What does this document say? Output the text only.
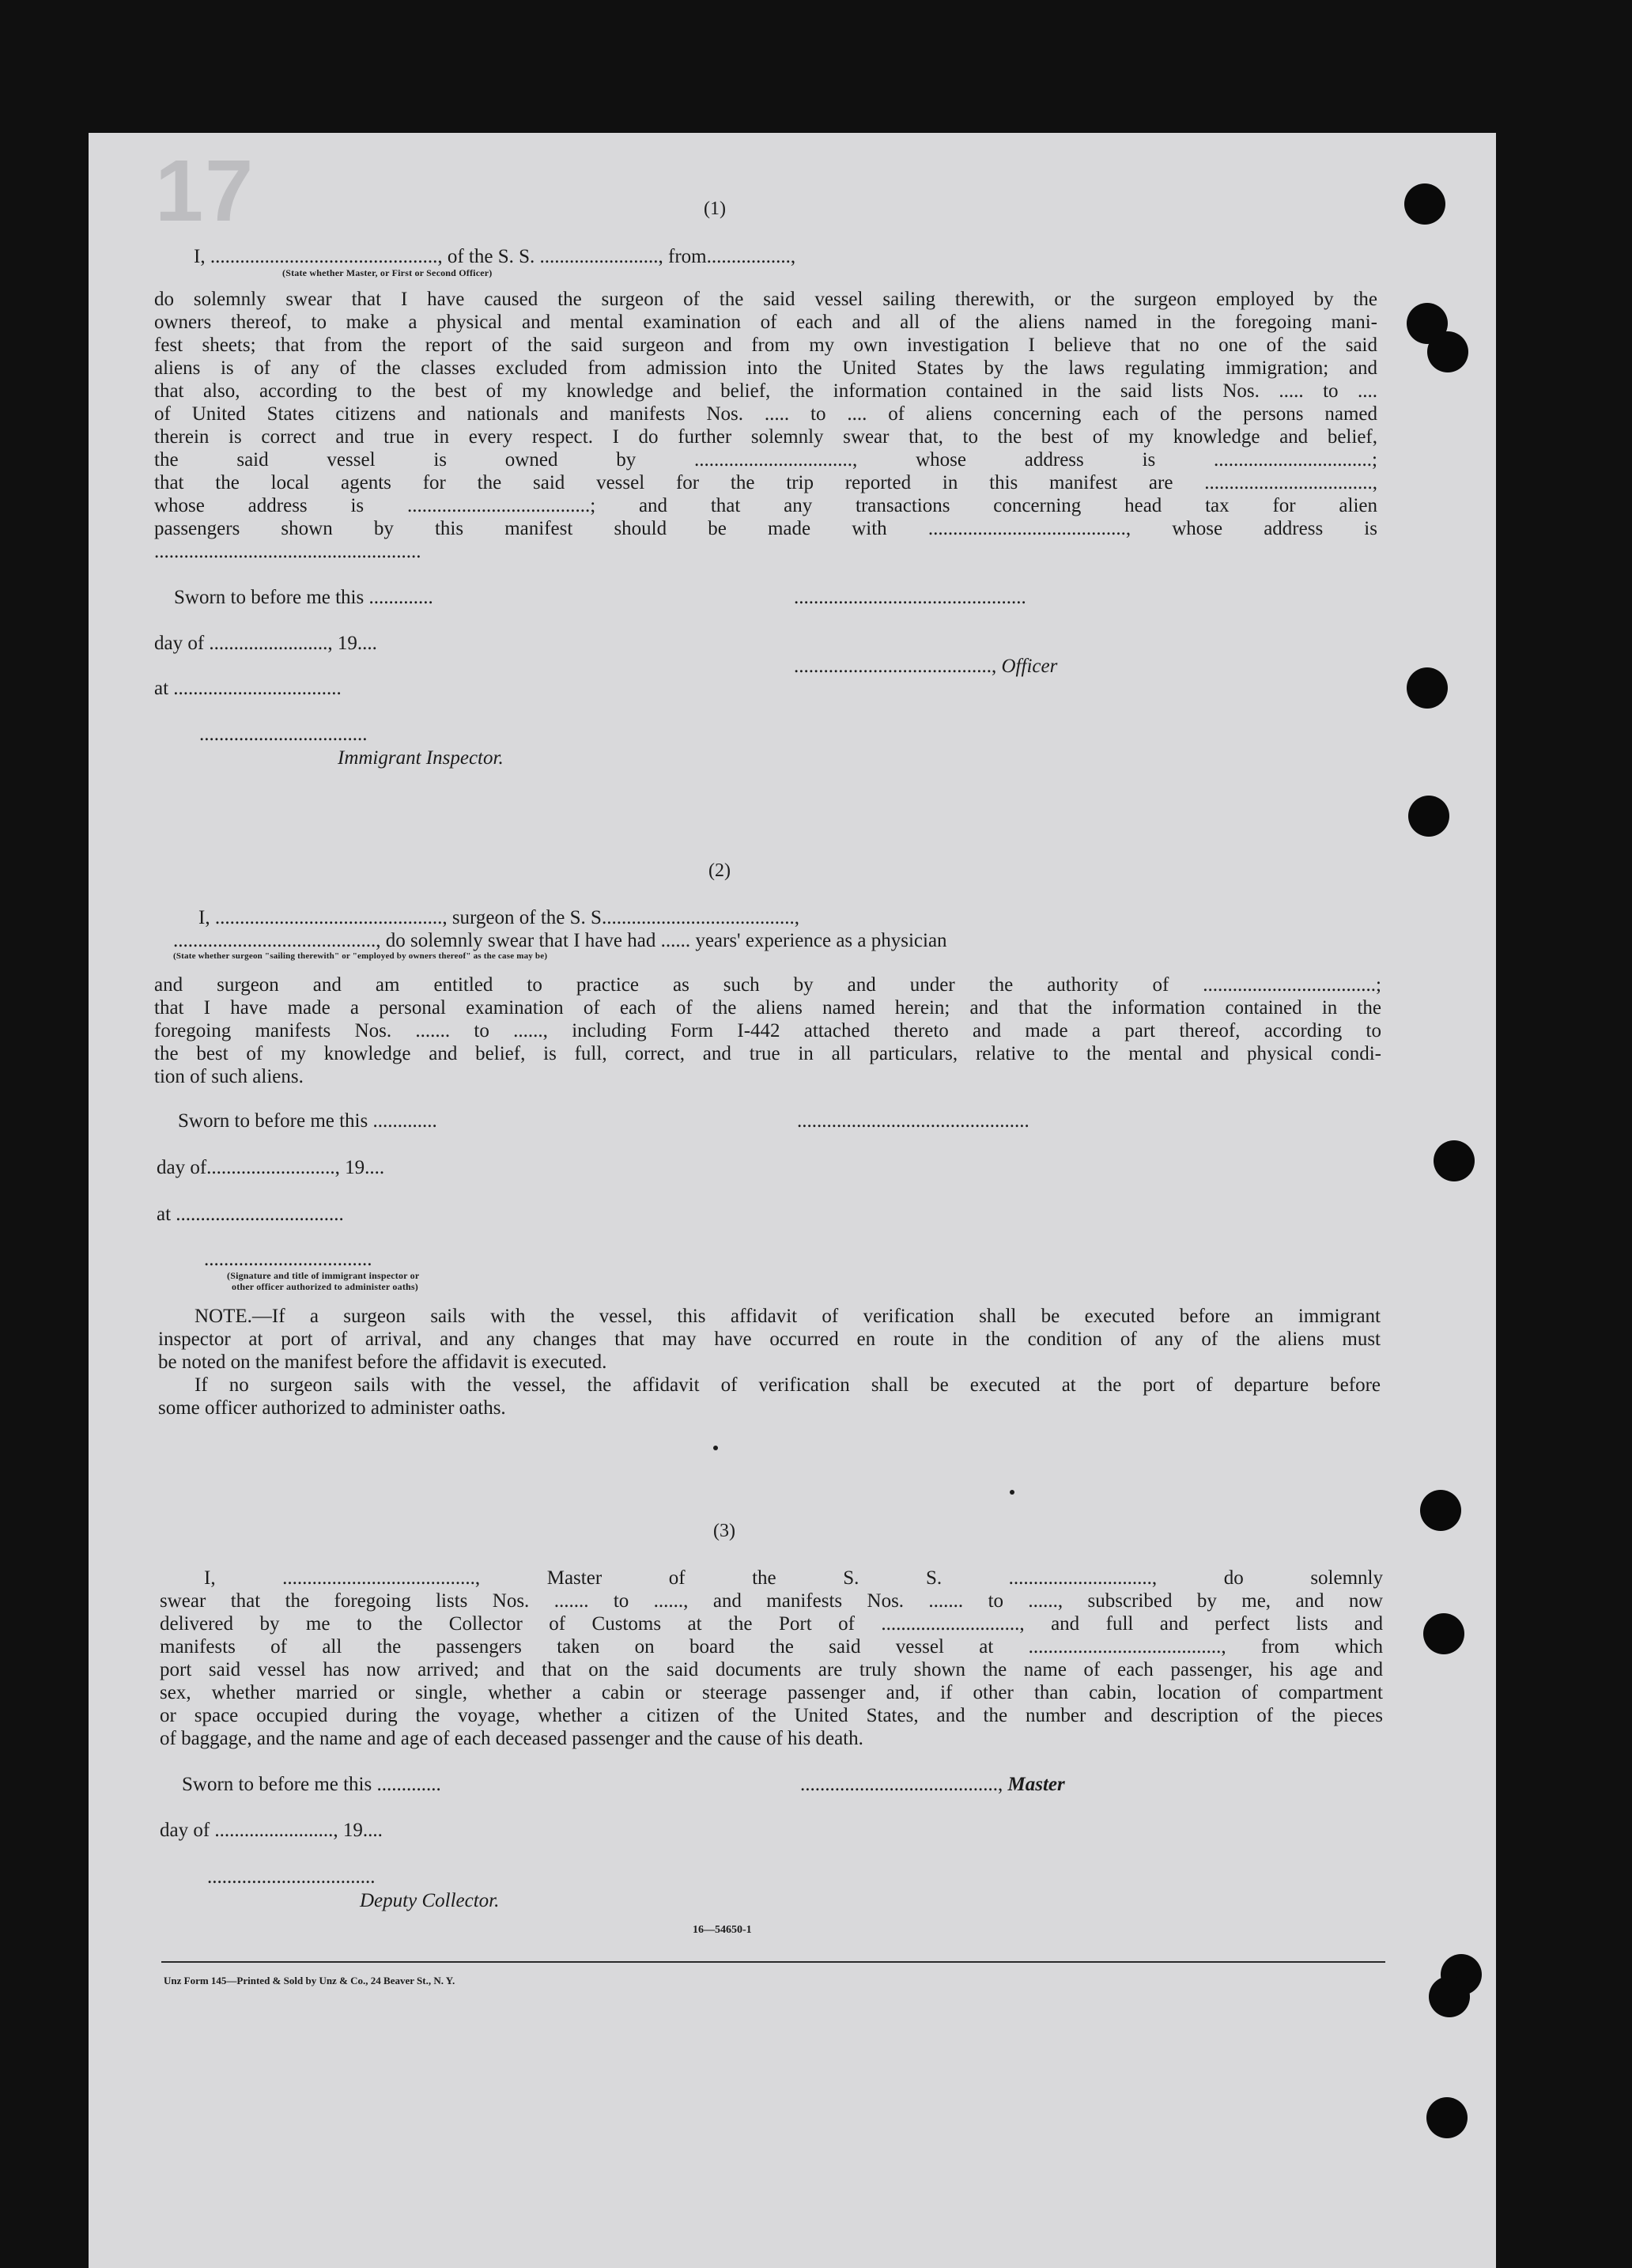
17	(1)
I, .............................................., of the S. S. ........................, from.................,
(State whether Master, or First or Second Officer)
do solemnly swear that I have caused the surgeon of the said vessel sailing therewith, or the surgeon employed by the
owners thereof, to make a physical and mental examination of each and all of the aliens named in the foregoing mani-
fest sheets; that from the report of the said surgeon and from my own investigation I believe that no one of the said
aliens is of any of the classes excluded from admission into the United States by the laws regulating immigration; and
that also, according to the best of my knowledge and belief, the information contained in the said lists Nos. ..... to ....
of United States citizens and nationals and manifests Nos. ..... to .... of aliens concerning each of the persons named
therein is correct and true in every respect. I do further solemnly swear that, to the best of my knowledge and belief,
the said vessel is owned by ................................, whose address is ................................;
that the local agents for the said vessel for the trip reported in this manifest are ..................................,
whose address is .....................................; and that any transactions concerning head tax for alien
passengers shown by this manifest should be made with ........................................, whose address is
......................................................
Sworn to before me this .............	...............................................
day of ........................, 19....
........................................, Officer
at ..................................
..................................
Immigrant Inspector.
(2)
I, .............................................., surgeon of the S. S.......................................,
........................................., do solemnly swear that I have had ...... years' experience as a physician
(State whether surgeon "sailing therewith" or "employed by owners thereof" as the case may be)
and surgeon and am entitled to practice as such by and under the authority of ...................................;
that I have made a personal examination of each of the aliens named herein; and that the information contained in the
foregoing manifests Nos. ....... to ......, including Form I-442 attached thereto and made a part thereof, according to
the best of my knowledge and belief, is full, correct, and true in all particulars, relative to the mental and physical condi-
tion of such aliens.
Sworn to before me this .............	...............................................
day of.........................., 19....
at ..................................
..................................
(Signature and title of immigrant inspector or
other officer authorized to administer oaths)
NOTE.—If a surgeon sails with the vessel, this affidavit of verification shall be executed before an immigrant
inspector at port of arrival, and any changes that may have occurred en route in the condition of any of the aliens must
be noted on the manifest before the affidavit is executed.
If no surgeon sails with the vessel, the affidavit of verification shall be executed at the port of departure before
some officer authorized to administer oaths.
(3)
I, ......................................., Master of the S. S. ............................., do solemnly
swear that the foregoing lists Nos. ....... to ......, and manifests Nos. ....... to ......, subscribed by me, and now
delivered by me to the Collector of Customs at the Port of ............................, and full and perfect lists and
manifests of all the passengers taken on board the said vessel at ......................................., from which
port said vessel has now arrived; and that on the said documents are truly shown the name of each passenger, his age and
sex, whether married or single, whether a cabin or steerage passenger and, if other than cabin, location of compartment
or space occupied during the voyage, whether a citizen of the United States, and the number and description of the pieces
of baggage, and the name and age of each deceased passenger and the cause of his death.
Sworn to before me this .............	........................................, Master
day of ........................, 19....
..................................
Deputy Collector.
16—54650-1
Unz Form 145—Printed & Sold by Unz & Co., 24 Beaver St., N. Y.
